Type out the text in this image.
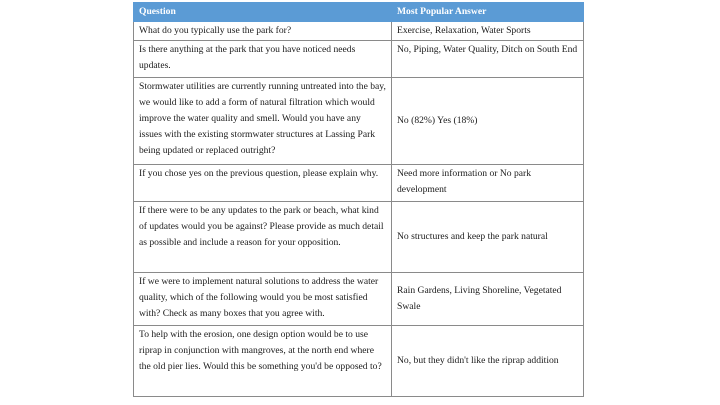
Question	Most Popular Answer
What do you typically use the park for?	Exercise, Relaxation, Water Sports
Is there anything at the park that you have noticed needs updates.	No, Piping, Water Quality, Ditch on South End
Stormwater utilities are currently running untreated into the bay, we would like to add a form of natural filtration which would improve the water quality and smell. Would you have any issues with the existing stormwater structures at Lassing Park being updated or replaced outright?	No (82%) Yes (18%)
If you chose yes on the previous question, please explain why.	Need more information or No park development
If there were to be any updates to the park or beach, what kind of updates would you be against? Please provide as much detail as possible and include a reason for your opposition.	No structures and keep the park natural
If we were to implement natural solutions to address the water quality, which of the following would you be most satisfied with? Check as many boxes that you agree with.	Rain Gardens, Living Shoreline, Vegetated Swale
To help with the erosion, one design option would be to use riprap in conjunction with mangroves, at the north end where the old pier lies. Would this be something you'd be opposed to?	No, but they didn't like the riprap addition
